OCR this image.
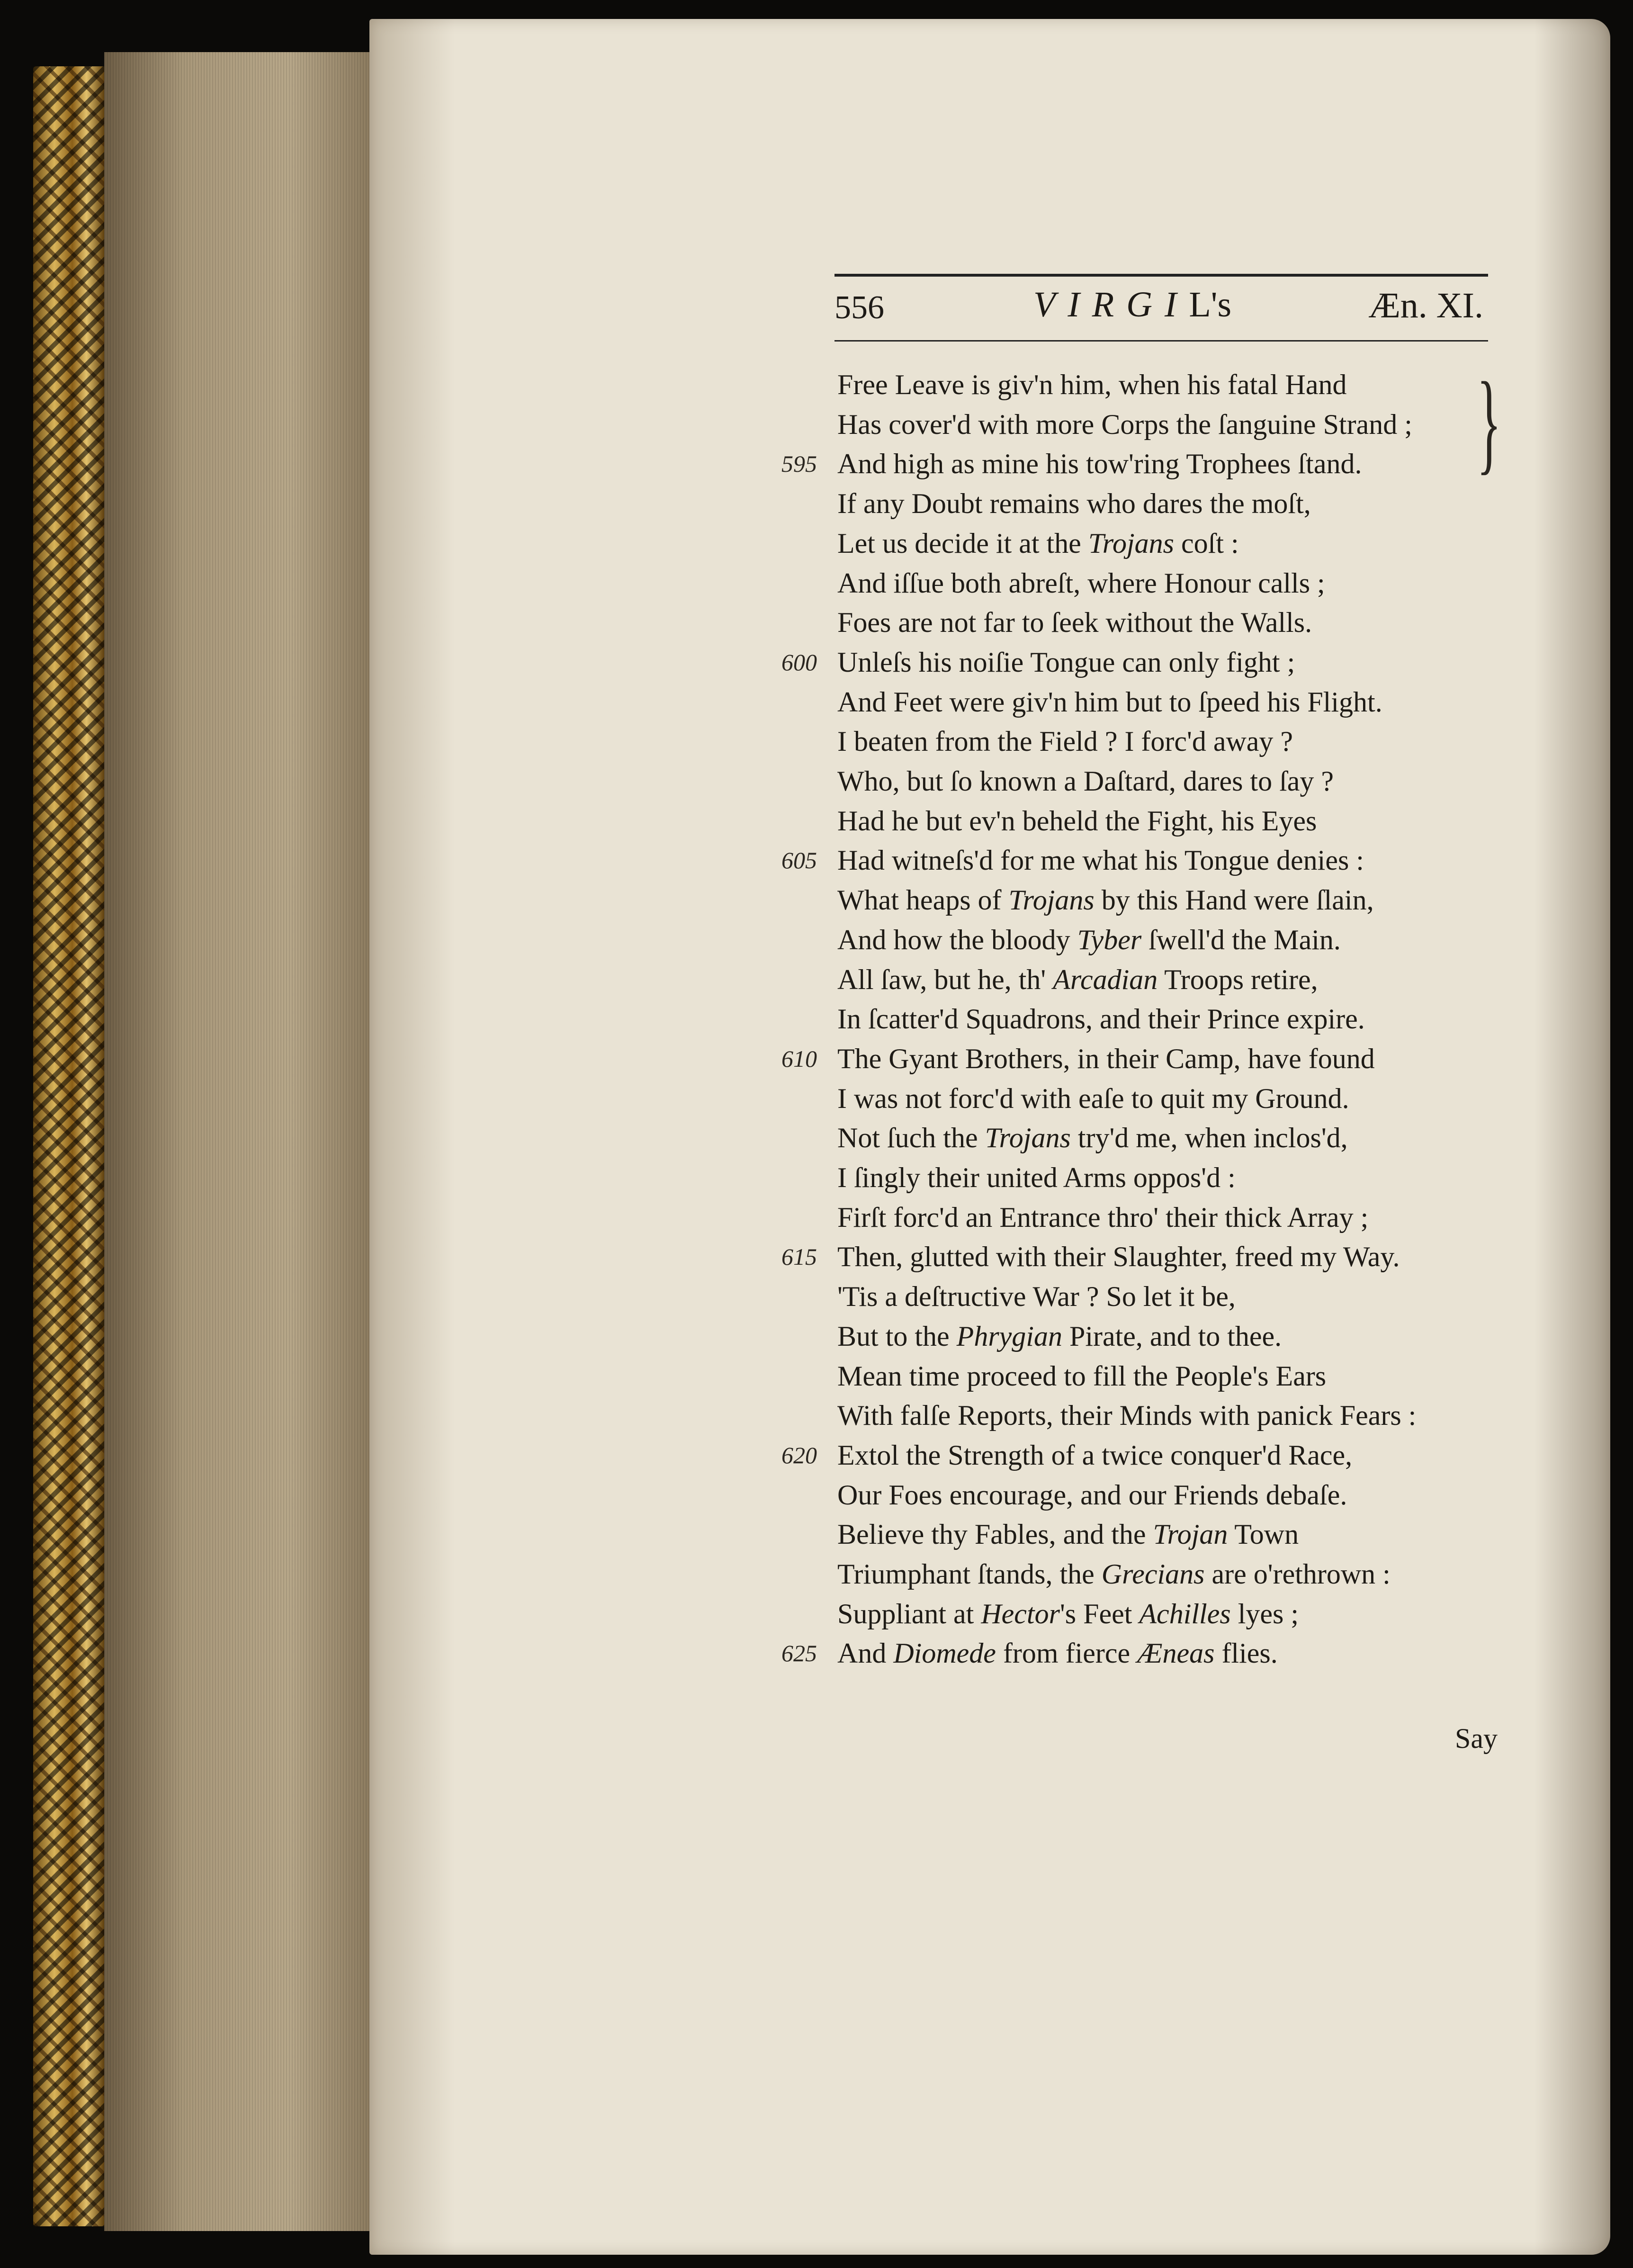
556	VIRGIL's	Æn. XI.
Free Leave is giv'n him, when his fatal Hand
Has cover'd with more Corps the ſanguine Strand ;
595 And high as mine his tow'ring Trophees ſtand.
If any Doubt remains who dares the moſt,
Let us decide it at the Trojans coſt :
And iſſue both abreſt, where Honour calls ;
Foes are not far to ſeek without the Walls.
600 Unleſs his noiſie Tongue can only fight ;
And Feet were giv'n him but to ſpeed his Flight.
I beaten from the Field ? I forc'd away ?
Who, but ſo known a Daſtard, dares to ſay ?
Had he but ev'n beheld the Fight, his Eyes
605 Had witneſs'd for me what his Tongue denies :
What heaps of Trojans by this Hand were ſlain,
And how the bloody Tyber ſwell'd the Main.
All ſaw, but he, th' Arcadian Troops retire,
In ſcatter'd Squadrons, and their Prince expire.
610 The Gyant Brothers, in their Camp, have found
I was not forc'd with eaſe to quit my Ground.
Not ſuch the Trojans try'd me, when inclos'd,
I ſingly their united Arms oppos'd :
Firſt forc'd an Entrance thro' their thick Array ;
615 Then, glutted with their Slaughter, freed my Way.
'Tis a deſtructive War ? So let it be,
But to the Phrygian Pirate, and to thee.
Mean time proceed to fill the People's Ears
With falſe Reports, their Minds with panick Fears :
620 Extol the Strength of a twice conquer'd Race,
Our Foes encourage, and our Friends debaſe.
Believe thy Fables, and the Trojan Town
Triumphant ſtands, the Grecians are o'rethrown :
Suppliant at Hector's Feet Achilles lyes ;
625 And Diomede from fierce Æneas flies.
}
Say
